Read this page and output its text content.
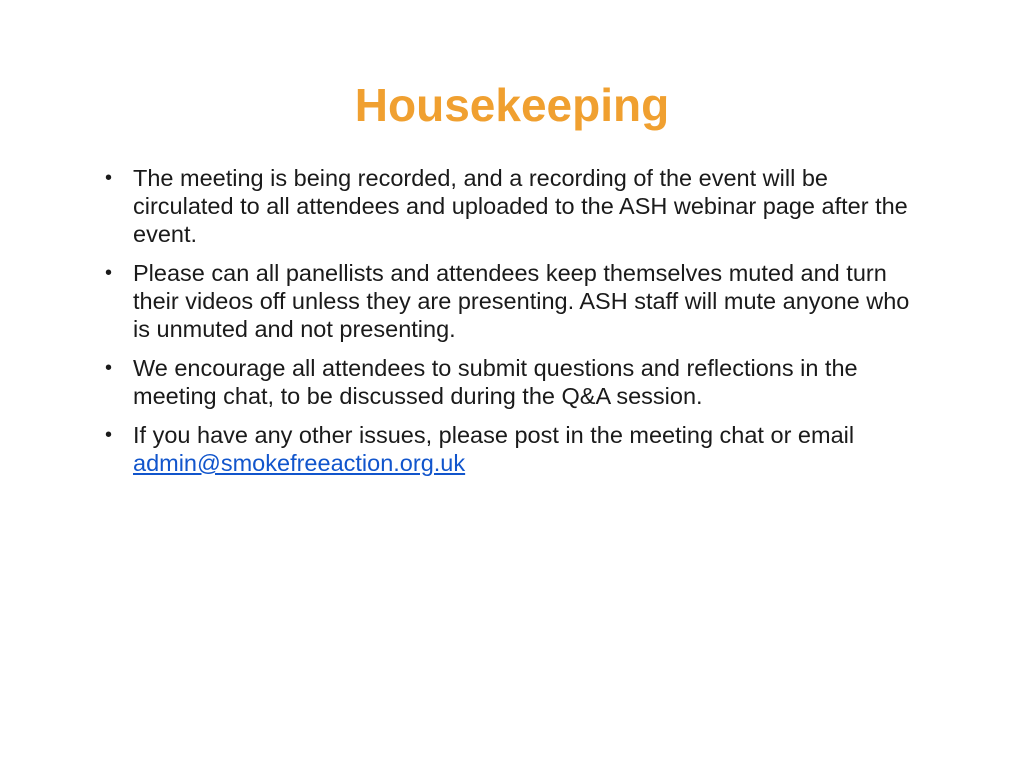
Housekeeping
• The meeting is being recorded, and a recording of the event will be circulated to all attendees and uploaded to the ASH webinar page after the event.
• Please can all panellists and attendees keep themselves muted and turn their videos off unless they are presenting. ASH staff will mute anyone who is unmuted and not presenting.
• We encourage all attendees to submit questions and reflections in the meeting chat, to be discussed during the Q&A session.
• If you have any other issues, please post in the meeting chat or email admin@smokefreeaction.org.uk
